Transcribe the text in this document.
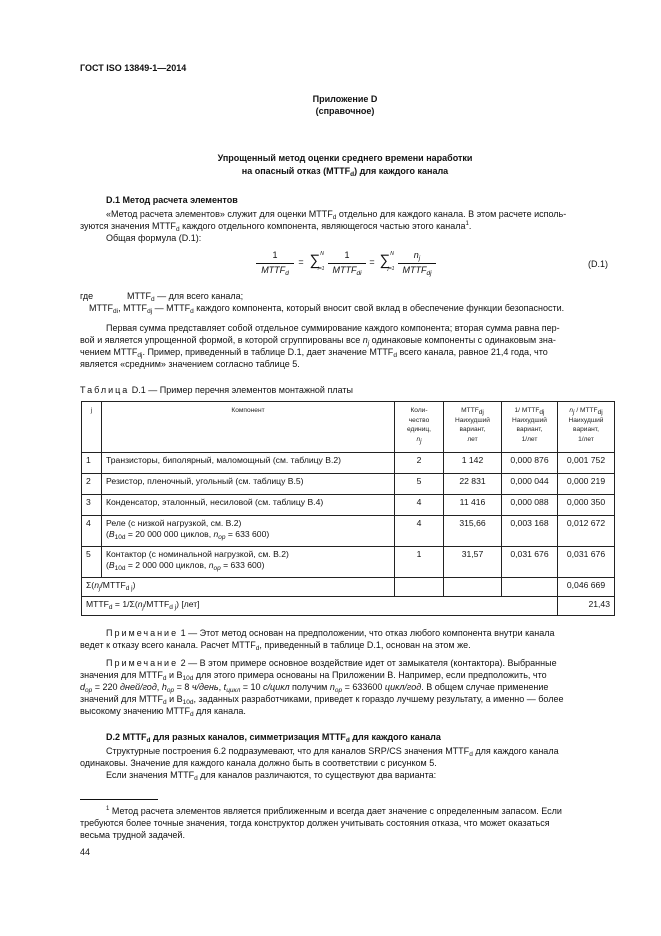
ГОСТ ISO 13849-1—2014
Приложение D
(справочное)
Упрощенный метод оценки среднего времени наработки
на опасный отказ $(MTTF_d)$ для каждого канала
D.1 Метод расчета элементов
«Метод расчета элементов» служит для оценки $MTTF_d$ отдельно для каждого канала. В этом расчете исполь-
зуются значения $MTTF_d$ каждого отдельного компонента, являющегося частью этого канала$^1$.
Общая формула (D.1):
1
$MTTF_d$
= ∑ N
i=1
1
$MTTF_{di}$
= ∑ N
j=1
$n_j$
$MTTF_{dj}$
(D.1)
где	$MTTF_d$ — для всего канала;
$MTTF_{di}$, $MTTF_{dj}$ — $MTTF_d$ каждого компонента, который вносит свой вклад в обеспечение функции безопасности.
Первая сумма представляет собой отдельное суммирование каждого компонента; вторая сумма равна пер-
вой и является упрощенной формой, в которой сгруппированы все $n_j$ одинаковые компоненты с одинаковым зна-
чением $MTTF_{dj}$. Пример, приведенный в таблице D.1, дает значение $MTTF_d$ всего канала, равное 21,4 года, что
является «средним» значением согласно таблице 5.
Таблица D.1 — Пример перечня элементов монтажной платы
j	Компонент	Коли-
чество
единиц,
$n_j$	$MTTF_{dj}$
Наихудший
вариант,
лет	1/ $MTTF_{dj}$
Наихудший
вариант,
1/лет	$n_j$ / $MTTF_{dj}$
Наихудший
вариант,
1/лет
1	Транзисторы, биполярный, маломощный (см. таблицу В.2)	2	1 142	0,000 876	0,001 752
2	Резистор, пленочный, угольный (см. таблицу В.5)	5	22 831	0,000 044	0,000 219
3	Конденсатор, эталонный, несиловой (см. таблицу В.4)	4	11 416	0,000 088	0,000 350
4	Реле (с низкой нагрузкой, см. В.2)
($B_{10d} = 20$ 000 000 циклов, $n_{op} = 633$ 600)	4	315,66	0,003 168	0,012 672
5	Контактор (с номинальной нагрузкой, см. В.2)
($B_{10d} = 2$ 000 000 циклов, $n_{op} = 633$ 600)	1	31,57	0,031 676	0,031 676
$\Sigma(n_j/MTTF_{d j})$					0,046 669
$MTTF_d$ = $1/\Sigma(n_j/MTTF_{d j})$ [лет]					21,43
Примечание 1 — Этот метод основан на предположении, что отказ любого компонента внутри канала
ведет к отказу всего канала. Расчет $MTTF_d$, приведенный в таблице D.1, основан на этом же.
Примечание 2 — В этом примере основное воздействие идет от замыкателя (контактора). Выбранные
значения для $MTTF_d$ и $B_{10d}$ для этого примера основаны на Приложении В. Например, если предположить, что
$d_{op} = 220$ дней/год, $h_{op} = 8$ ч/день, $t_{цикл} = 10$ с/цикл получим $n_{op} = 633600$ цикл/год. В общем случае применение
значений для $MTTF_d$ и $B_{10d}$, заданных разработчиками, приведет к гораздо лучшему результату, а именно — более
высокому значению $MTTF_d$ для канала.
D.2 $MTTF_d$ для разных каналов, симметризация $MTTF_d$ для каждого канала
Структурные построения 6.2 подразумевают, что для каналов SRP/CS значения $MTTF_d$ для каждого канала
одинаковы. Значение для каждого канала должно быть в соответствии с рисунком 5.
Если значения $MTTF_d$ для каналов различаются, то существуют два варианта:
$^1$ Метод расчета элементов является приближенным и всегда дает значение с определенным запасом. Если
требуются более точные значения, тогда конструктор должен учитывать состояния отказа, что может оказаться
весьма трудной задачей.
44
